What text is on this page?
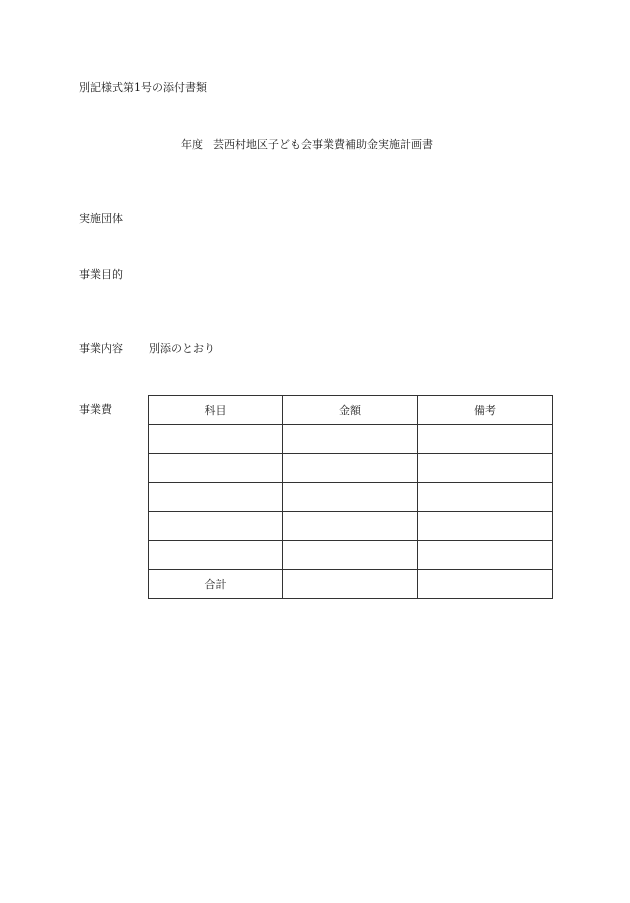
別記様式第1号の添付書類
年度 芸西村地区子ども会事業費補助金実施計画書
実施団体
事業目的
事業内容 別添のとおり
事業費	科目	金額	備考

合計		
